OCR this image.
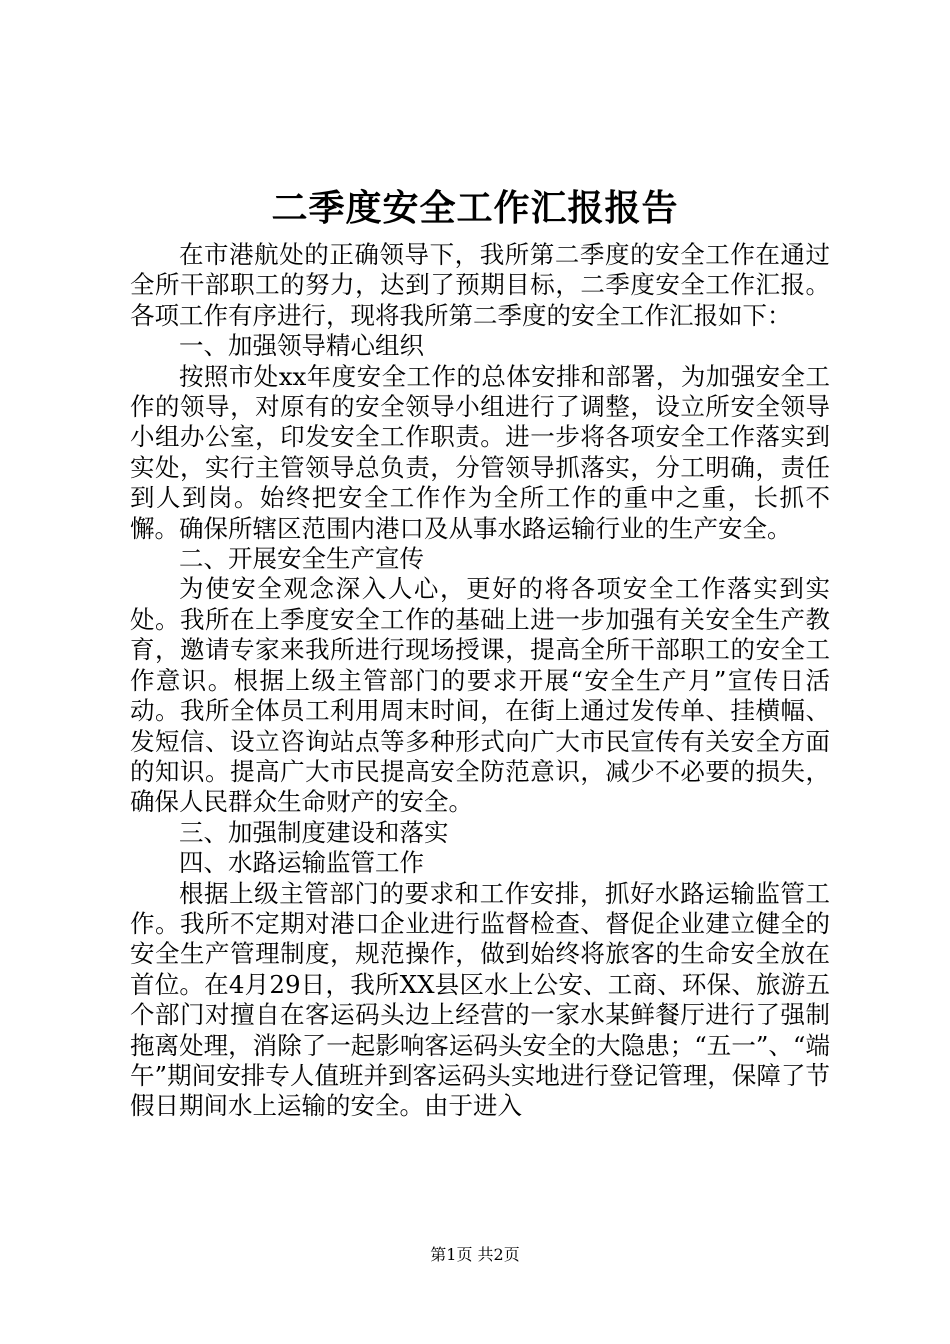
二季度安全工作汇报报告

在市港航处的正确领导下，我所第二季度的安全工作在通过全所干部职工的努力，达到了预期目标，二季度安全工作汇报。各项工作有序进行，现将我所第二季度的安全工作汇报如下：

一、加强领导精心组织

按照市处xx年度安全工作的总体安排和部署，为加强安全工作的领导，对原有的安全领导小组进行了调整，设立所安全领导小组办公室，印发安全工作职责。进一步将各项安全工作落实到实处，实行主管领导总负责，分管领导抓落实，分工明确，责任到人到岗。始终把安全工作作为全所工作的重中之重，长抓不懈。确保所辖区范围内港口及从事水路运输行业的生产安全。

二、开展安全生产宣传

为使安全观念深入人心，更好的将各项安全工作落实到实处。我所在上季度安全工作的基础上进一步加强有关安全生产教育，邀请专家来我所进行现场授课，提高全所干部职工的安全工作意识。根据上级主管部门的要求开展“安全生产月”宣传日活动。我所全体员工利用周末时间，在街上通过发传单、挂横幅、发短信、设立咨询站点等多种形式向广大市民宣传有关安全方面的知识。提高广大市民提高安全防范意识，减少不必要的损失，确保人民群众生命财产的安全。

三、加强制度建设和落实

四、水路运输监管工作

根据上级主管部门的要求和工作安排，抓好水路运输监管工作。我所不定期对港口企业进行监督检查、督促企业建立健全的安全生产管理制度，规范操作，做到始终将旅客的生命安全放在首位。在4月29日，我所XX县区水上公安、工商、环保、旅游五个部门对擅自在客运码头边上经营的一家水某鲜餐厅进行了强制拖离处理，消除了一起影响客运码头安全的大隐患；“五一”、“端午”期间安排专人值班并到客运码头实地进行登记管理，保障了节假日期间水上运输的安全。由于进入

第1页 共2页
